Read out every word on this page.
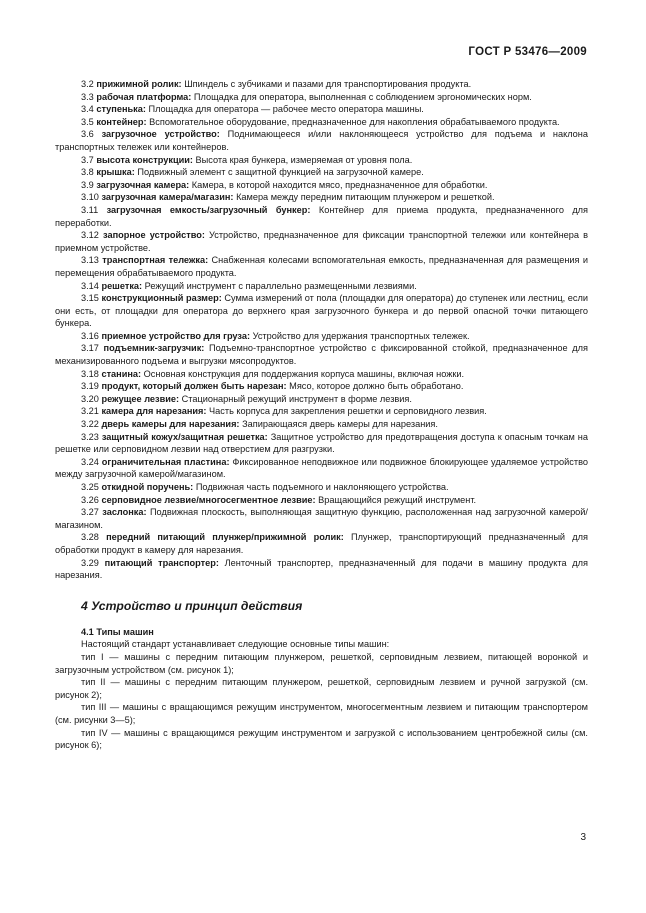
ГОСТ Р 53476—2009

3.2 прижимной ролик: Шпиндель с зубчиками и пазами для транспортирования продукта.

3.3 рабочая платформа: Площадка для оператора, выполненная с соблюдением эргономических норм.

3.4 ступенька: Площадка для оператора — рабочее место оператора машины.

3.5 контейнер: Вспомогательное оборудование, предназначенное для накопления обрабатываемого продукта.

3.6 загрузочное устройство: Поднимающееся и/или наклоняющееся устройство для подъема и наклона транспортных тележек или контейнеров.

3.7 высота конструкции: Высота края бункера, измеряемая от уровня пола.

3.8 крышка: Подвижный элемент с защитной функцией на загрузочной камере.

3.9 загрузочная камера: Камера, в которой находится мясо, предназначенное для обработки.

3.10 загрузочная камера/магазин: Камера между передним питающим плунжером и решеткой.

3.11 загрузочная емкость/загрузочный бункер: Контейнер для приема продукта, предназначенного для переработки.

3.12 запорное устройство: Устройство, предназначенное для фиксации транспортной тележки или контейнера в приемном устройстве.

3.13 транспортная тележка: Снабженная колесами вспомогательная емкость, предназначенная для размещения и перемещения обрабатываемого продукта.

3.14 решетка: Режущий инструмент с параллельно размещенными лезвиями.

3.15 конструкционный размер: Сумма измерений от пола (площадки для оператора) до ступенек или лестниц, если они есть, от площадки для оператора до верхнего края загрузочного бункера и до первой опасной точки питающего бункера.

3.16 приемное устройство для груза: Устройство для удержания транспортных тележек.

3.17 подъемник-загрузчик: Подъемно-транспортное устройство с фиксированной стойкой, предназначенное для механизированного подъема и выгрузки мясопродуктов.

3.18 станина: Основная конструкция для поддержания корпуса машины, включая ножки.

3.19 продукт, который должен быть нарезан: Мясо, которое должно быть обработано.

3.20 режущее лезвие: Стационарный режущий инструмент в форме лезвия.

3.21 камера для нарезания: Часть корпуса для закрепления решетки и серповидного лезвия.

3.22 дверь камеры для нарезания: Запирающаяся дверь камеры для нарезания.

3.23 защитный кожух/защитная решетка: Защитное устройство для предотвращения доступа к опасным точкам на решетке или серповидном лезвии над отверстием для разгрузки.

3.24 ограничительная пластина: Фиксированное неподвижное или подвижное блокирующее удаляемое устройство между загрузочной камерой/магазином.

3.25 откидной поручень: Подвижная часть подъемного и наклоняющего устройства.

3.26 серповидное лезвие/многосегментное лезвие: Вращающийся режущий инструмент.

3.27 заслонка: Подвижная плоскость, выполняющая защитную функцию, расположенная над загрузочной камерой/магазином.

3.28 передний питающий плунжер/прижимной ролик: Плунжер, транспортирующий предназначенный для обработки продукт в камеру для нарезания.

3.29 питающий транспортер: Ленточный транспортер, предназначенный для подачи в машину продукта для нарезания.

4 Устройство и принцип действия

4.1 Типы машин

Настоящий стандарт устанавливает следующие основные типы машин:

тип I — машины с передним питающим плунжером, решеткой, серповидным лезвием, питающей воронкой и загрузочным устройством (см. рисунок 1);

тип II — машины с передним питающим плунжером, решеткой, серповидным лезвием и ручной загрузкой (см. рисунок 2);

тип III — машины с вращающимся режущим инструментом, многосегментным лезвием и питающим транспортером (см. рисунки 3—5);

тип IV — машины с вращающимся режущим инструментом и загрузкой с использованием центробежной силы (см. рисунок 6);

3
